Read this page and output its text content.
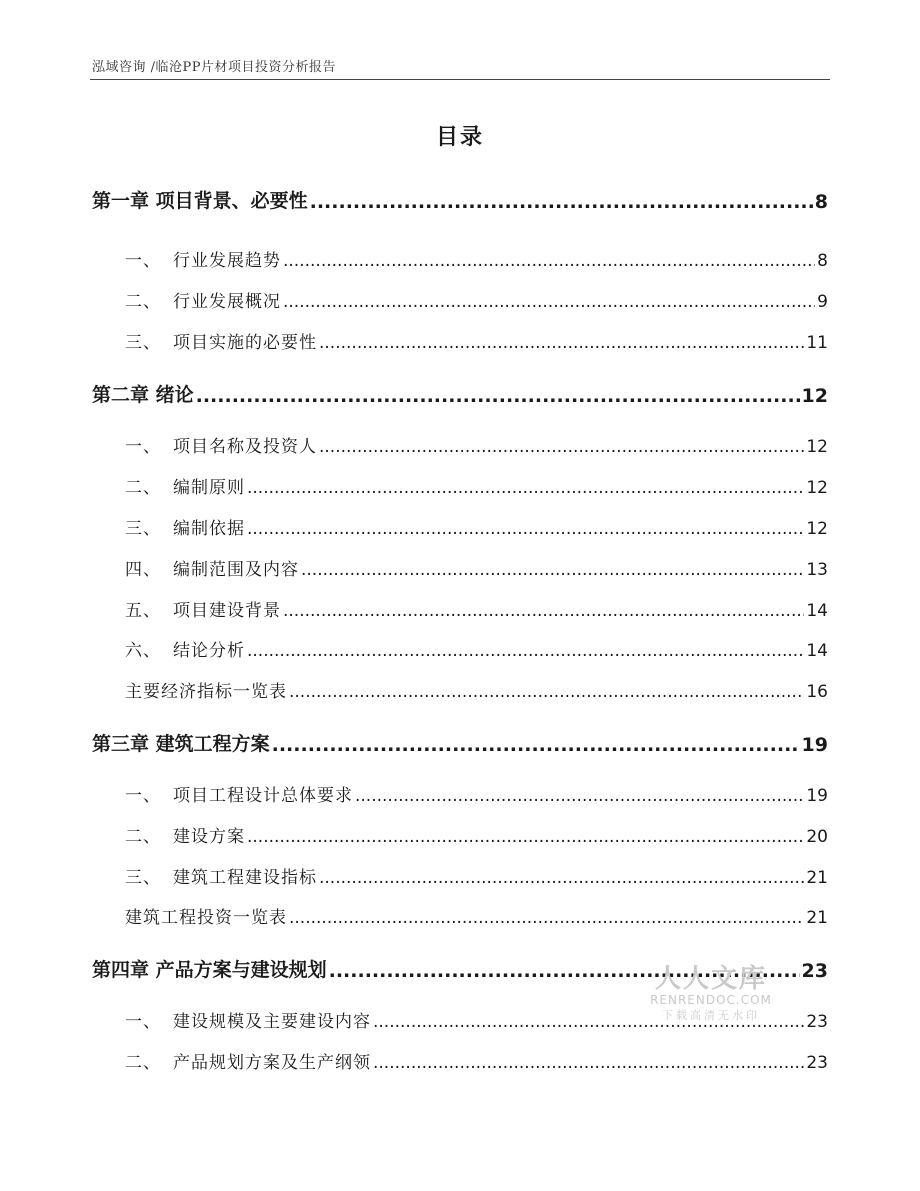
泓域咨询 /临沧PP片材项目投资分析报告
目录
第一章 项目背景、必要性 .....	8
一、 行业发展趋势 .....	8
二、 行业发展概况 .....	9
三、 项目实施的必要性 .....	11
第二章 绪论 .....	12
一、 项目名称及投资人 .....	12
二、 编制原则 .....	12
三、 编制依据 .....	12
四、 编制范围及内容 .....	13
五、 项目建设背景 .....	14
六、 结论分析 .....	14
主要经济指标一览表 .....	16
第三章 建筑工程方案 .....	19
一、 项目工程设计总体要求 .....	19
二、 建设方案 .....	20
三、 建筑工程建设指标 .....	21
建筑工程投资一览表 .....	21
第四章 产品方案与建设规划 .....	23
一、 建设规模及主要建设内容 .....	23
二、 产品规划方案及生产纲领 .....	23
人人文库
RENRENDOC.COM
下载高清无水印
